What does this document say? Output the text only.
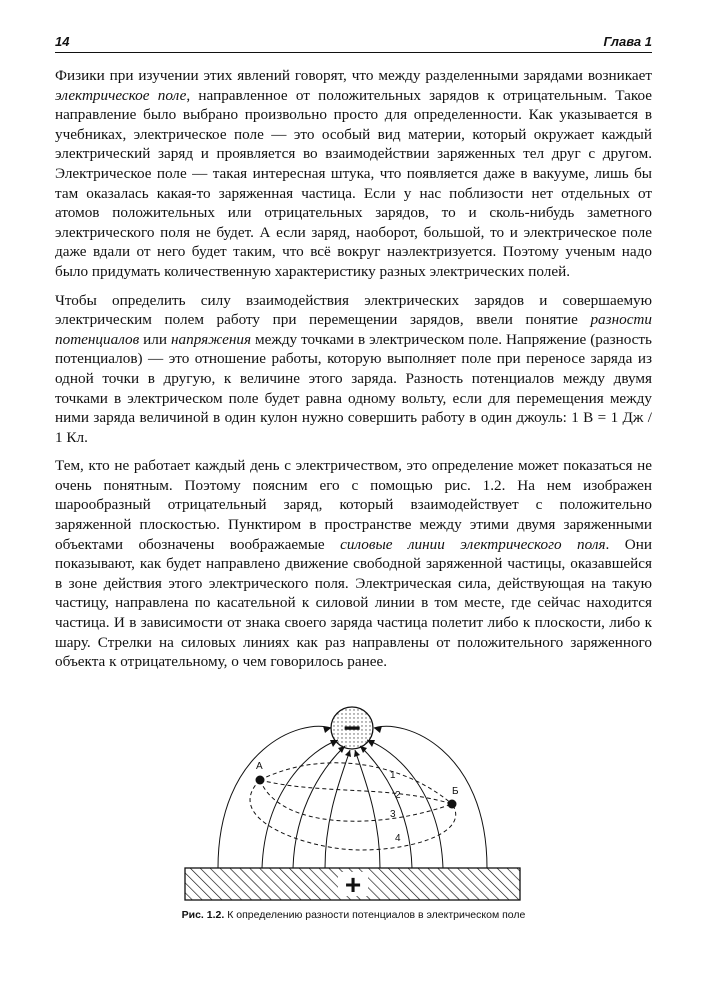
14	Глава 1

Физики при изучении этих явлений говорят, что между разделенными зарядами возникает электрическое поле, направленное от положительных зарядов к отрицательным. Такое направление было выбрано произвольно просто для определенности. Как указывается в учебниках, электрическое поле — это особый вид материи, который окружает каждый электрический заряд и проявляется во взаимодействии заряженных тел друг с другом. Электрическое поле — такая интересная штука, что появляется даже в вакууме, лишь бы там оказалась какая-то заряженная частица. Если у нас поблизости нет отдельных от атомов положительных или отрицательных зарядов, то и сколь-нибудь заметного электрического поля не будет. А если заряд, наоборот, большой, то и электрическое поле даже вдали от него будет таким, что всё вокруг наэлектризуется. Поэтому ученым надо было придумать количественную характеристику разных электрических полей.

Чтобы определить силу взаимодействия электрических зарядов и совершаемую электрическим полем работу при перемещении зарядов, ввели понятие разности потенциалов или напряжения между точками в электрическом поле. Напряжение (разность потенциалов) — это отношение работы, которую выполняет поле при переносе заряда из одной точки в другую, к величине этого заряда. Разность потенциалов между двумя точками в электрическом поле будет равна одному вольту, если для перемещения между ними заряда величиной в один кулон нужно совершить работу в один джоуль: 1 В = 1 Дж / 1 Кл.

Тем, кто не работает каждый день с электричеством, это определение может показаться не очень понятным. Поэтому поясним его с помощью рис. 1.2. На нем изображен шарообразный отрицательный заряд, который взаимодействует с положительно заряженной плоскостью. Пунктиром в пространстве между этими двумя заряженными объектами обозначены воображаемые силовые линии электрического поля. Они показывают, как будет направлено движение свободной заряженной частицы, оказавшейся в зоне действия этого электрического поля. Электрическая сила, действующая на такую частицу, направлена по касательной к силовой линии в том месте, где сейчас находится частица. И в зависимости от знака своего заряда частица полетит либо к плоскости, либо к шару. Стрелки на силовых линиях как раз направлены от положительного заряженного объекта к отрицательному, о чем говорилось ранее.

А
Б
1
2
3
4
−
+
Рис. 1.2. К определению разности потенциалов в электрическом поле
